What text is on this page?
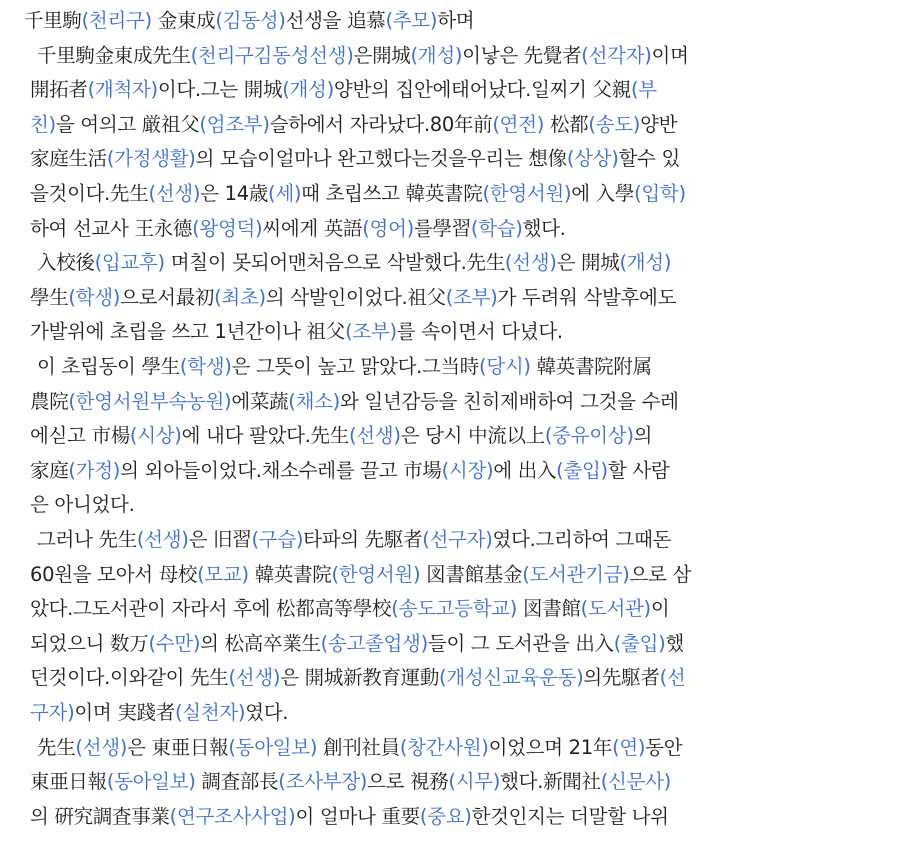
千里駒(천리구) 金東成(김동성)선생을 追慕(추모)하며
千里駒金東成先生(천리구김동성선생)은開城(개성)이낳은 先覺者(선각자)이며
開拓者(개척자)이다.그는 開城(개성)양반의 집안에태어났다.일찌기 父親(부
친)을 여의고 厳祖父(엄조부)슬하에서 자라났다.80年前(연전) 松都(송도)양반
家庭生活(가정생활)의 모습이얼마나 완고했다는것을우리는 想像(상상)할수 있
을것이다.先生(선생)은 14歳(세)때 초립쓰고 韓英書院(한영서원)에 入學(입학)
하여 선교사 王永德(왕영덕)씨에게 英語(영어)를學習(학습)했다.
入校後(입교후) 며칠이 못되어맨처음으로 삭발했다.先生(선생)은 開城(개성)
學生(학생)으로서最初(최초)의 삭발인이었다.祖父(조부)가 두려워 삭발후에도
가발위에 초립을 쓰고 1년간이나 祖父(조부)를 속이면서 다녔다.
이 초립동이 學生(학생)은 그뜻이 높고 맑았다.그当時(당시) 韓英書院附属
農院(한영서원부속농원)에菜蔬(채소)와 일년감등을 친히제배하여 그것을 수레
에싣고 市楊(시상)에 내다 팔았다.先生(선생)은 당시 中流以上(중유이상)의
家庭(가정)의 외아들이었다.채소수레를 끌고 市場(시장)에 出入(출입)할 사람
은 아니었다.
그러나 先生(선생)은 旧習(구습)타파의 先駆者(선구자)였다.그리하여 그때돈
60원을 모아서 母校(모교) 韓英書院(한영서원) 図書館基金(도서관기금)으로 삼
았다.그도서관이 자라서 후에 松都高等學校(송도고등학교) 図書館(도서관)이
되었으니 数万(수만)의 松高卒業生(송고졸업생)들이 그 도서관을 出入(출입)했
던것이다.이와같이 先生(선생)은 開城新教育運動(개성신교육운동)의先駆者(선
구자)이며 実踐者(실천자)였다.
先生(선생)은 東亜日報(동아일보) 創刊社員(창간사원)이었으며 21年(연)동안
東亜日報(동아일보) 調査部長(조사부장)으로 視務(시무)했다.新聞社(신문사)
의 硏究調査事業(연구조사사업)이 얼마나 重要(중요)한것인지는 더말할 나위
